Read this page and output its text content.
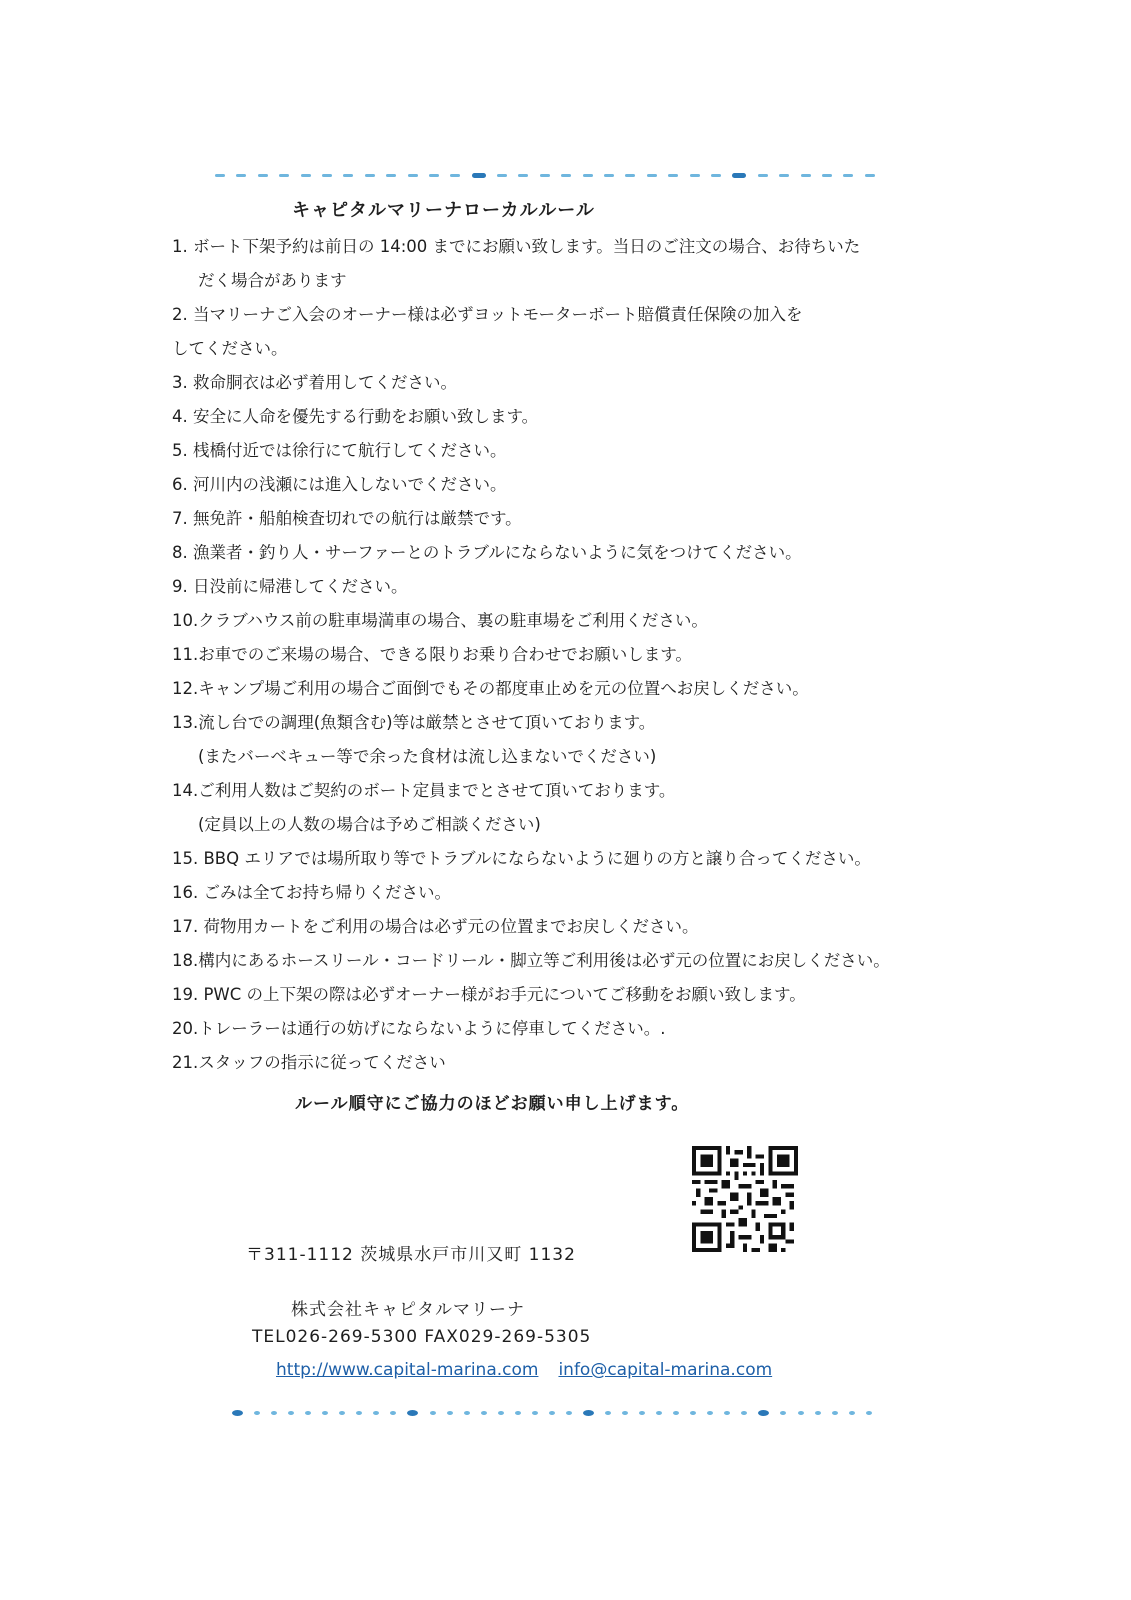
キャピタルマリーナローカルルール
1. ボート下架予約は前日の 14:00 までにお願い致します。当日のご注文の場合、お待ちいた
だく場合があります
2. 当マリーナご入会のオーナー様は必ずヨットモーターボート賠償責任保険の加入を
してください。
3. 救命胴衣は必ず着用してください。
4. 安全に人命を優先する行動をお願い致します。
5. 桟橋付近では徐行にて航行してください。
6. 河川内の浅瀬には進入しないでください。
7. 無免許・船舶検査切れでの航行は厳禁です。
8. 漁業者・釣り人・サーファーとのトラブルにならないように気をつけてください。
9. 日没前に帰港してください。
10.クラブハウス前の駐車場満車の場合、裏の駐車場をご利用ください。
11.お車でのご来場の場合、できる限りお乗り合わせでお願いします。
12.キャンプ場ご利用の場合ご面倒でもその都度車止めを元の位置へお戻しください。
13.流し台での調理(魚類含む)等は厳禁とさせて頂いております。
(またバーベキュー等で余った食材は流し込まないでください)
14.ご利用人数はご契約のボート定員までとさせて頂いております。
(定員以上の人数の場合は予めご相談ください)
15. BBQ エリアでは場所取り等でトラブルにならないように廻りの方と譲り合ってください。
16. ごみは全てお持ち帰りください。
17. 荷物用カートをご利用の場合は必ず元の位置までお戻しください。
18.構内にあるホースリール・コードリール・脚立等ご利用後は必ず元の位置にお戻しください。
19. PWC の上下架の際は必ずオーナー様がお手元についてご移動をお願い致します。
20.トレーラーは通行の妨げにならないように停車してください。.
21.スタッフの指示に従ってください
ルール順守にご協力のほどお願い申し上げます。
〒311-1112 茨城県水戸市川又町 1132
株式会社キャピタルマリーナ
TEL026-269-5300 FAX029-269-5305
http://www.capital-marina.com info@capital-marina.com
